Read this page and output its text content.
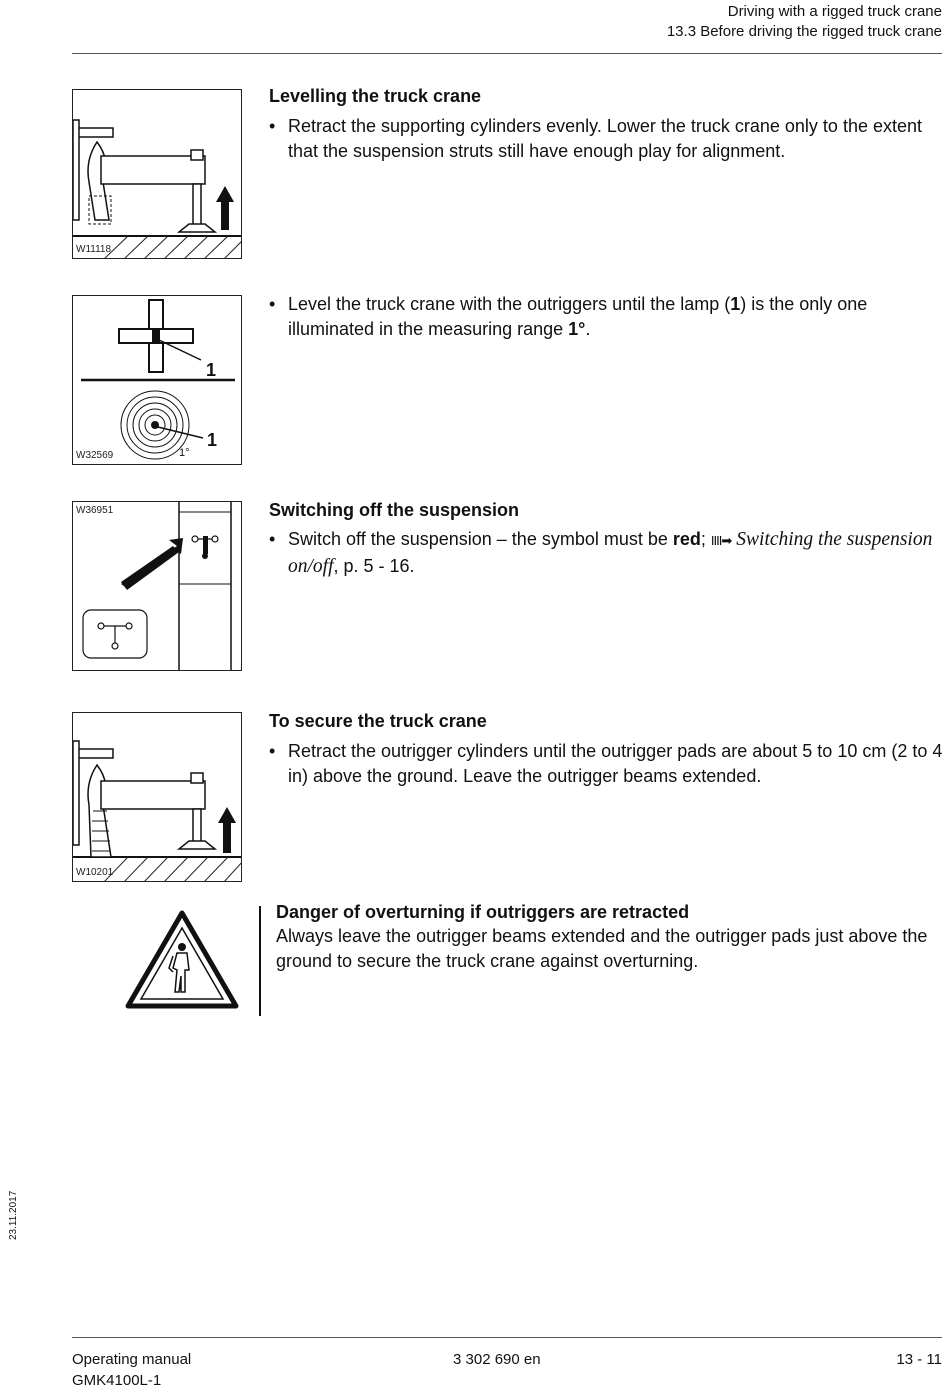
Driving with a rigged truck crane
13.3 Before driving the rigged truck crane
W11118
1
1
1°
W32569
W36951
W10201
Levelling the truck crane
• Retract the supporting cylinders evenly. Lower the truck crane only to the extent that the suspension struts still have enough play for alignment.
• Level the truck crane with the outriggers until the lamp (1) is the only one illuminated in the measuring range 1°.
Switching off the suspension
• Switch off the suspension – the symbol must be red; IIII➡ Switching the suspension on/off, p. 5 - 16.
To secure the truck crane
• Retract the outrigger cylinders until the outrigger pads are about 5 to 10 cm (2 to 4 in) above the ground. Leave the outrigger beams extended.
Danger of overturning if outriggers are retracted
Always leave the outrigger beams extended and the outrigger pads just above the ground to secure the truck crane against overturning.
23.11.2017
Operating manual
GMK4100L-1
3 302 690 en	13 - 11
